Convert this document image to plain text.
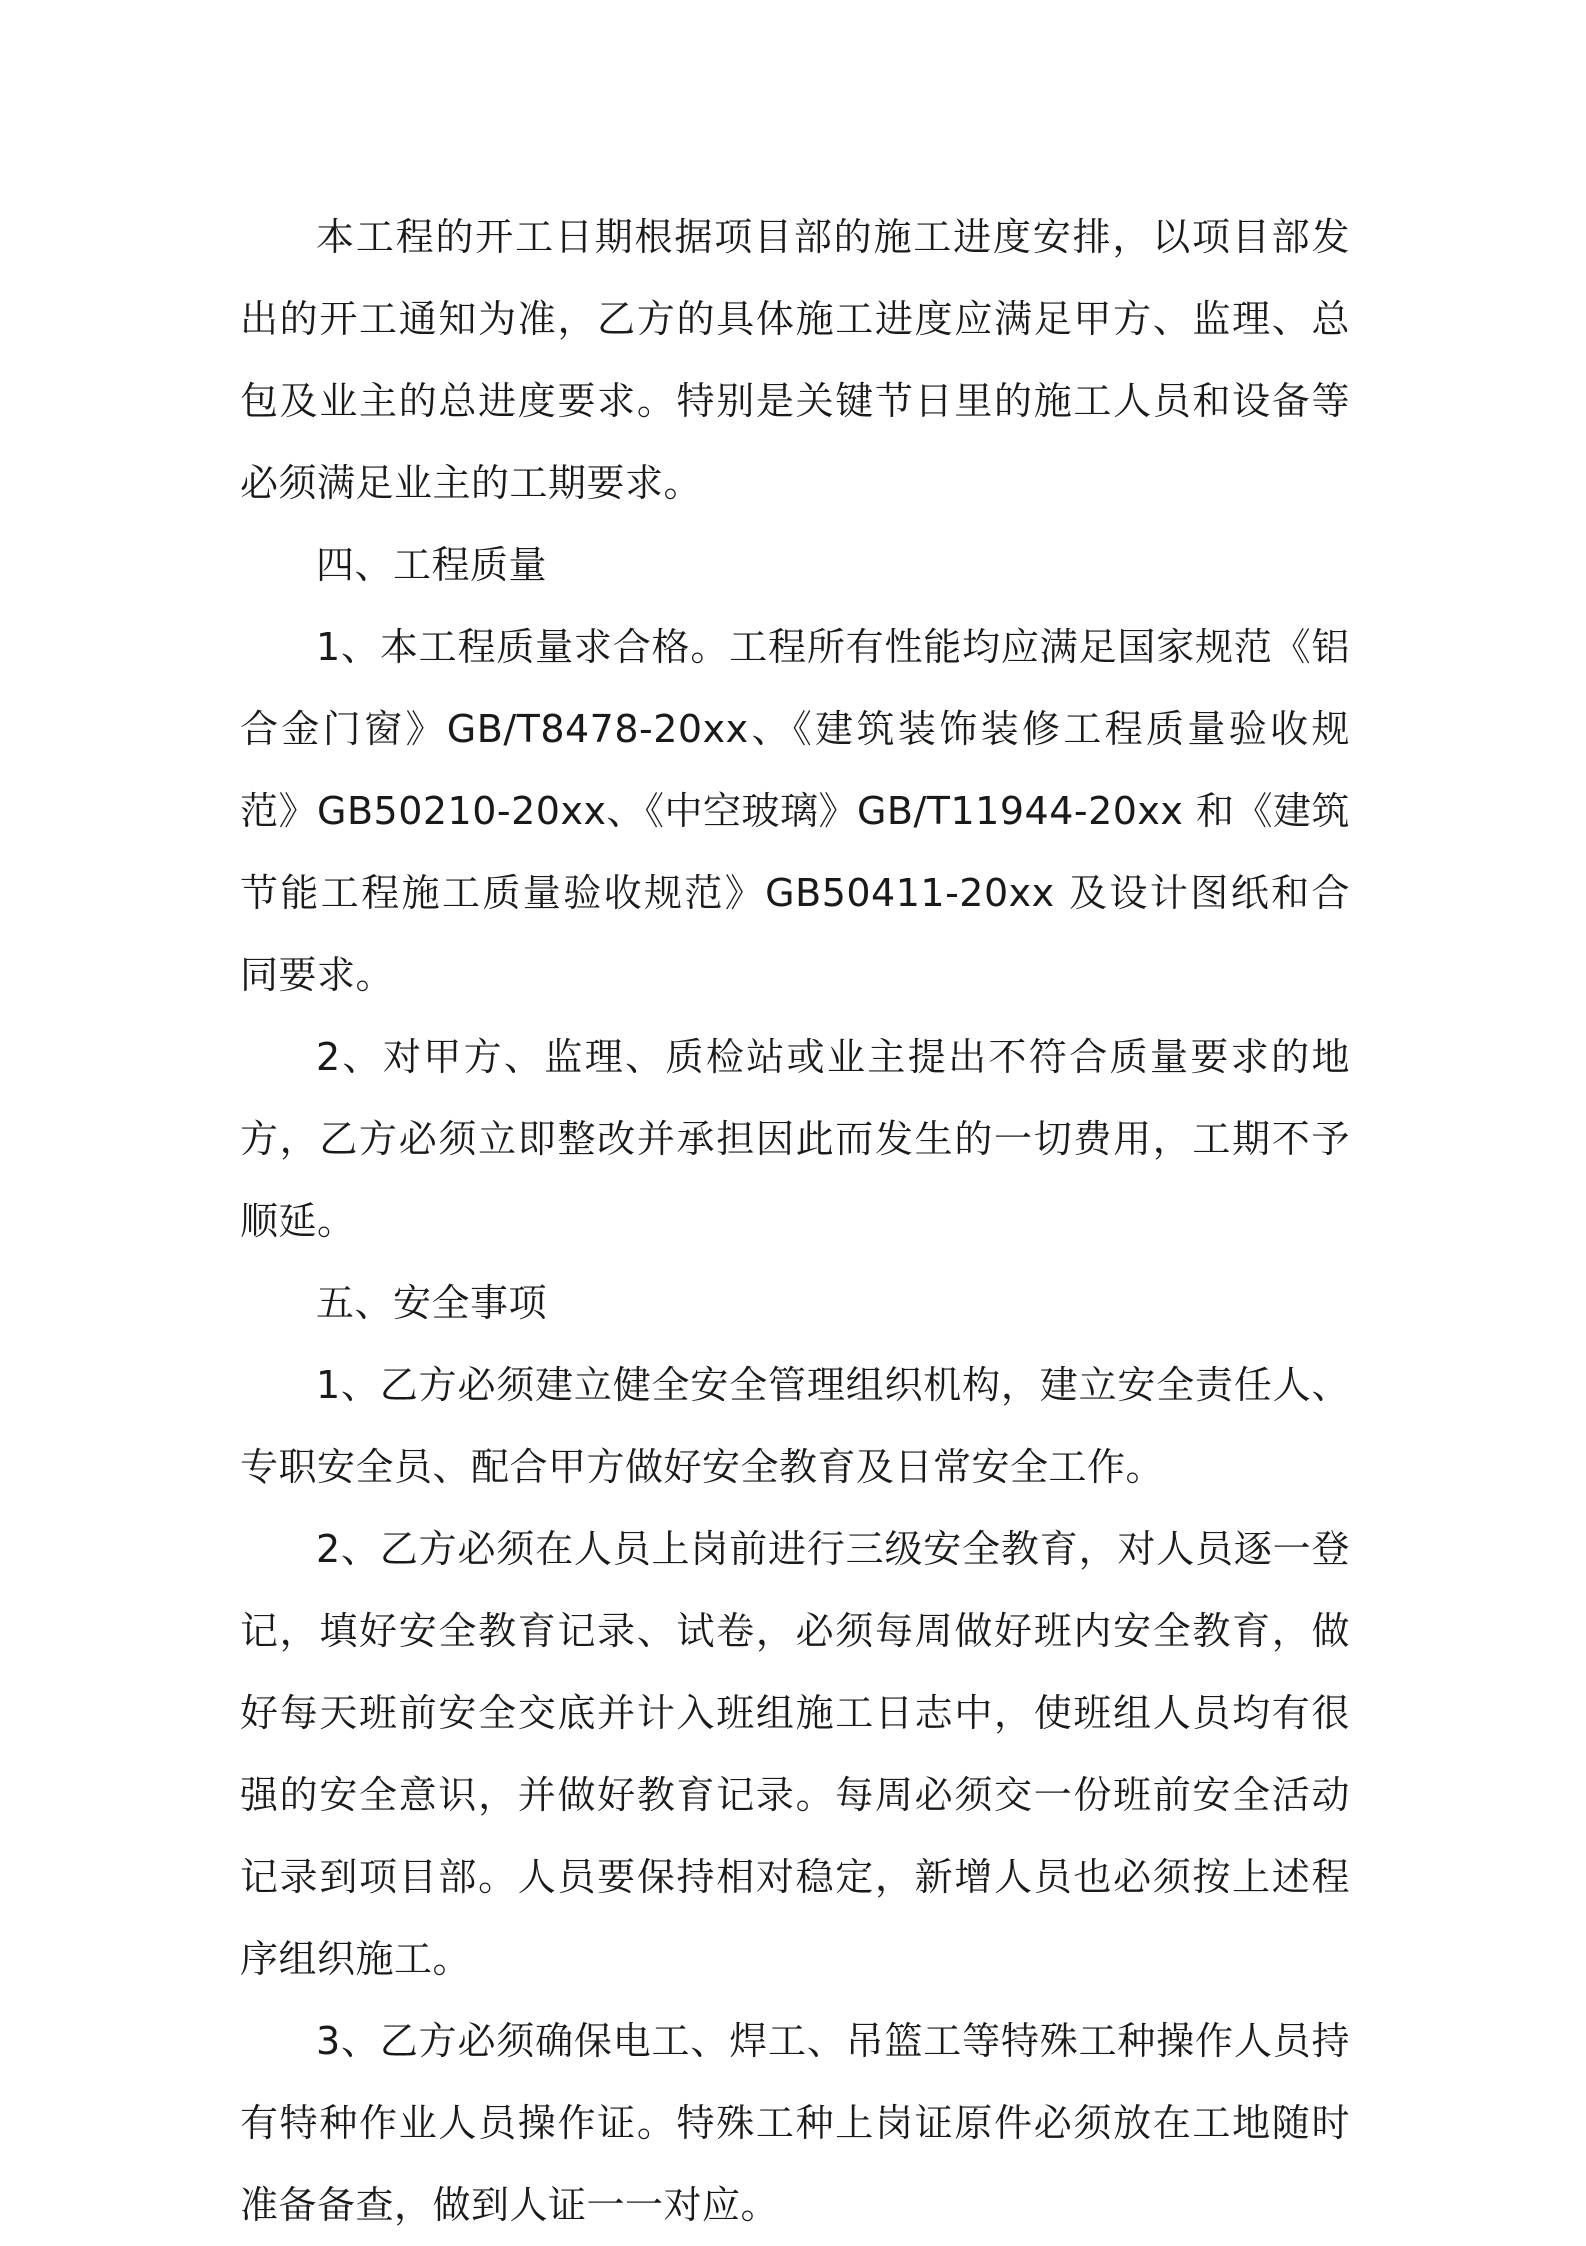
本工程的开工日期根据项目部的施工进度安排，以项目部发出的开工通知为准，乙方的具体施工进度应满足甲方、监理、总包及业主的总进度要求。特别是关键节日里的施工人员和设备等必须满足业主的工期要求。

四、工程质量

1、本工程质量求合格。工程所有性能均应满足国家规范《铝合金门窗》GB/T8478-20xx、《建筑装饰装修工程质量验收规范》GB50210-20xx、《中空玻璃》GB/T11944-20xx 和《建筑节能工程施工质量验收规范》GB50411-20xx 及设计图纸和合同要求。

2、对甲方、监理、质检站或业主提出不符合质量要求的地方，乙方必须立即整改并承担因此而发生的一切费用，工期不予顺延。

五、安全事项

1、乙方必须建立健全安全管理组织机构，建立安全责任人、专职安全员、配合甲方做好安全教育及日常安全工作。

2、乙方必须在人员上岗前进行三级安全教育，对人员逐一登记，填好安全教育记录、试卷，必须每周做好班内安全教育，做好每天班前安全交底并计入班组施工日志中，使班组人员均有很强的安全意识，并做好教育记录。每周必须交一份班前安全活动记录到项目部。人员要保持相对稳定，新增人员也必须按上述程序组织施工。

3、乙方必须确保电工、焊工、吊篮工等特殊工种操作人员持有特种作业人员操作证。特殊工种上岗证原件必须放在工地随时准备备查，做到人证一一对应。
